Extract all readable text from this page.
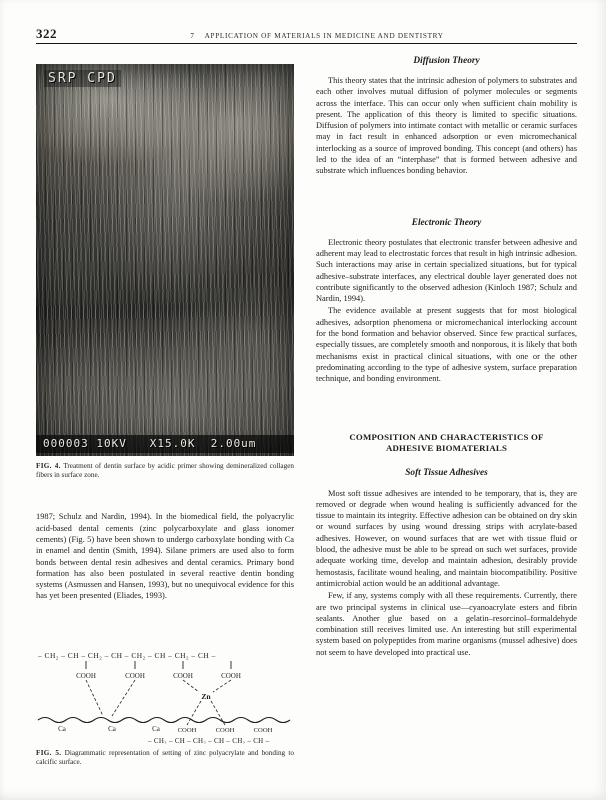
322	7 APPLICATION OF MATERIALS IN MEDICINE AND DENTISTRY
SRP CPD
000003 10KV   X15.0K  2.00um

FIG. 4. Treatment of dentin surface by acidic primer showing demineralized collagen fibers in surface zone.

1987; Schulz and Nardin, 1994). In the biomedical field, the polyacrylic acid-based dental cements (zinc polycarboxylate and glass ionomer cements) (Fig. 5) have been shown to undergo carboxylate bonding with Ca in enamel and dentin (Smith, 1994). Silane primers are used also to form bonds between dental resin adhesives and dental ceramics. Primary bond formation has also been postulated in several reactive dentin bonding systems (Asmussen and Hansen, 1993), but no unequivocal evidence for this has yet been presented (Eliades, 1993).

– CH₂ – CH – CH₂ – CH – CH₂ – CH – CH₂ – CH –
COOH	COOH	COOH	COOH
Zn
Ca	Ca	Ca	COOH	COOH	COOH
– CH₂ – CH – CH₂ – CH – CH₂ – CH –

FIG. 5. Diagrammatic representation of setting of zinc polyacrylate and bonding to calcific surface.

Diffusion Theory

This theory states that the intrinsic adhesion of polymers to substrates and each other involves mutual diffusion of polymer molecules or segments across the interface. This can occur only when sufficient chain mobility is present. The application of this theory is limited to specific situations. Diffusion of polymers into intimate contact with metallic or ceramic surfaces may in fact result in enhanced adsorption or even micromechanical interlocking as a source of improved bonding. This concept (and others) has led to the idea of an “interphase” that is formed between adhesive and substrate which influences bonding behavior.

Electronic Theory

Electronic theory postulates that electronic transfer between adhesive and adherent may lead to electrostatic forces that result in high intrinsic adhesion. Such interactions may arise in certain specialized situations, but for typical adhesive–substrate interfaces, any electrical double layer generated does not contribute significantly to the observed adhesion (Kinloch 1987; Schulz and Nardin, 1994).

The evidence available at present suggests that for most biological adhesives, adsorption phenomena or micromechanical interlocking account for the bond formation and behavior observed. Since few practical surfaces, especially tissues, are completely smooth and nonporous, it is likely that both mechanisms exist in practical clinical situations, with one or the other predominating according to the type of adhesive system, surface preparation technique, and bonding environment.

COMPOSITION AND CHARACTERISTICS OF ADHESIVE BIOMATERIALS
Soft Tissue Adhesives

Most soft tissue adhesives are intended to be temporary, that is, they are removed or degrade when wound healing is sufficiently advanced for the tissue to maintain its integrity. Effective adhesion can be obtained on dry skin or wound surfaces by using wound dressing strips with acrylate-based adhesives. However, on wound surfaces that are wet with tissue fluid or blood, the adhesive must be able to be spread on such wet surfaces, provide adequate working time, develop and maintain adhesion, desirably provide hemostasis, facilitate wound healing, and maintain biocompatibility. Positive antimicrobial action would be an additional advantage.

Few, if any, systems comply with all these requirements. Currently, there are two principal systems in clinical use—cyanoacrylate esters and fibrin sealants. Another glue based on a gelatin–resorcinol–formaldehyde combination still receives limited use. An interesting but still experimental system based on polypeptides from marine organisms (mussel adhesive) does not seem to have developed into practical use.
